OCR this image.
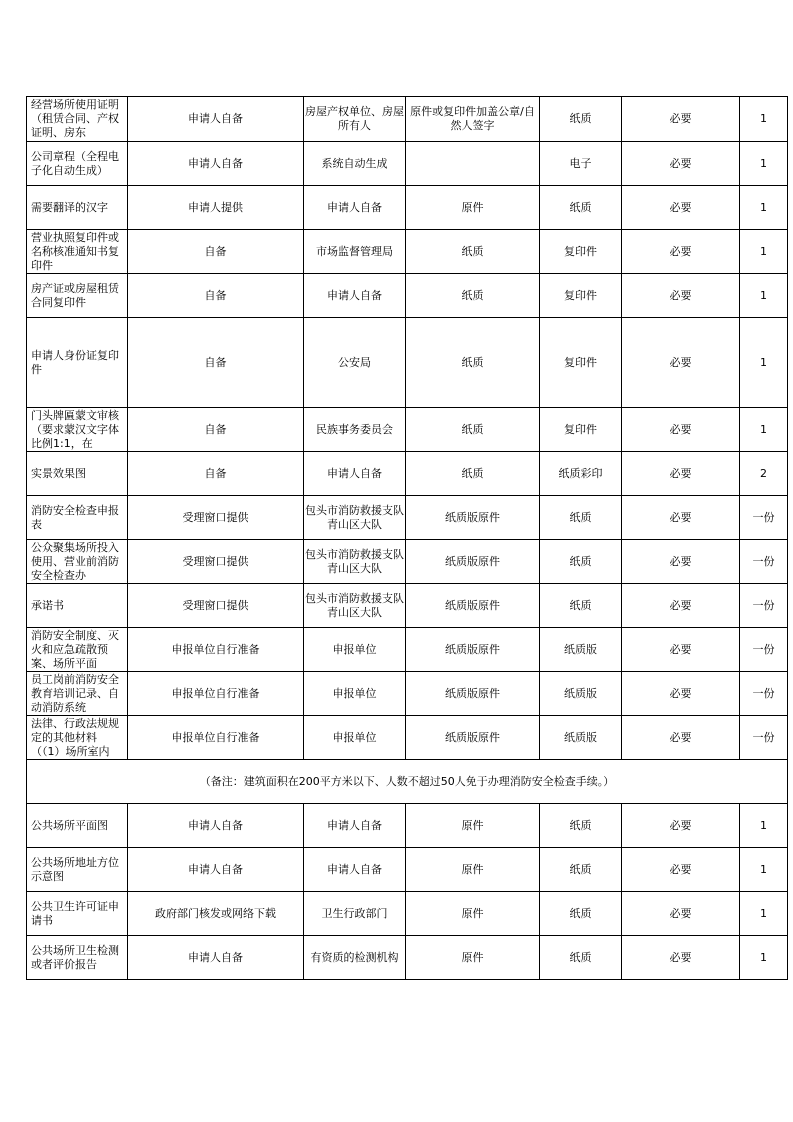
经营场所使用证明（租赁合同、产权证明、房东	申请人自备	房屋产权单位、房屋所有人	原件或复印件加盖公章/自然人签字	纸质	必要	1

公司章程（全程电子化自动生成）	申请人自备	系统自动生成		电子	必要	1

需要翻译的汉字	申请人提供	申请人自备	原件	纸质	必要	1

营业执照复印件或名称核准通知书复印件	自备	市场监督管理局	纸质	复印件	必要	1

房产证或房屋租赁合同复印件	自备	申请人自备	纸质	复印件	必要	1

申请人身份证复印件	自备	公安局	纸质	复印件	必要	1

门头牌匾蒙文审核（要求蒙汉文字体比例1:1，在	自备	民族事务委员会	纸质	复印件	必要	1

实景效果图	自备	申请人自备	纸质	纸质彩印	必要	2

消防安全检查申报表	受理窗口提供	包头市消防救援支队青山区大队	纸质版原件	纸质	必要	一份

公众聚集场所投入使用、营业前消防安全检查办	受理窗口提供	包头市消防救援支队青山区大队	纸质版原件	纸质	必要	一份

承诺书	受理窗口提供	包头市消防救援支队青山区大队	纸质版原件	纸质	必要	一份

消防安全制度、灭火和应急疏散预案、场所平面	申报单位自行准备	申报单位	纸质版原件	纸质版	必要	一份

员工岗前消防安全教育培训记录、自动消防系统	申报单位自行准备	申报单位	纸质版原件	纸质版	必要	一份

法律、行政法规规定的其他材料（（1）场所室内	申报单位自行准备	申报单位	纸质版原件	纸质版	必要	一份

（备注：建筑面积在200平方米以下、人数不超过50人免于办理消防安全检查手续。）						

公共场所平面图	申请人自备	申请人自备	原件	纸质	必要	1

公共场所地址方位示意图	申请人自备	申请人自备	原件	纸质	必要	1

公共卫生许可证申请书	政府部门核发或网络下载	卫生行政部门	原件	纸质	必要	1

公共场所卫生检测或者评价报告	申请人自备	有资质的检测机构	原件	纸质	必要	1
